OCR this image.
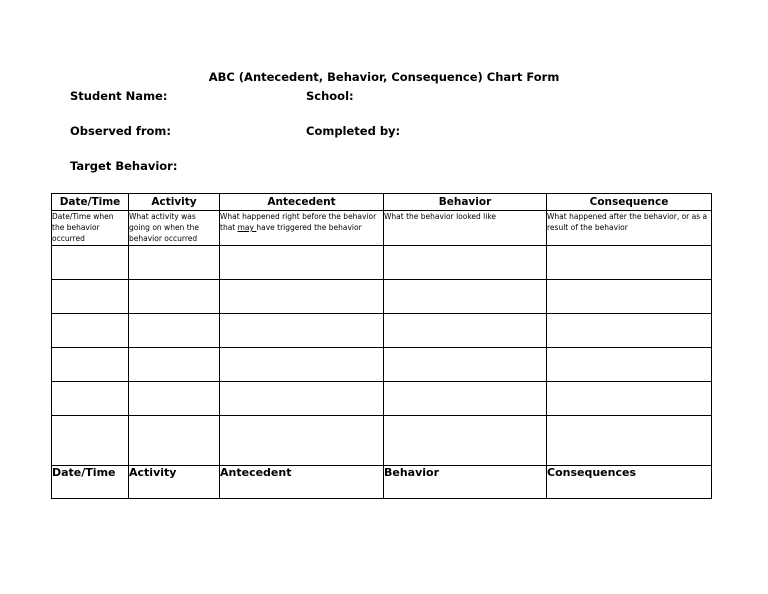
ABC (Antecedent, Behavior, Consequence) Chart Form
Student Name:	School:
Observed from:	Completed by:
Target Behavior:
Date/Time	Activity	Antecedent	Behavior	Consequence
Date/Time when the behavior occurred	What activity was going on when the behavior occurred	What happened right before the behavior that may have triggered the behavior	What the behavior looked like	What happened after the behavior, or as a result of the behavior

Date/Time	Activity	Antecedent	Behavior	Consequences
